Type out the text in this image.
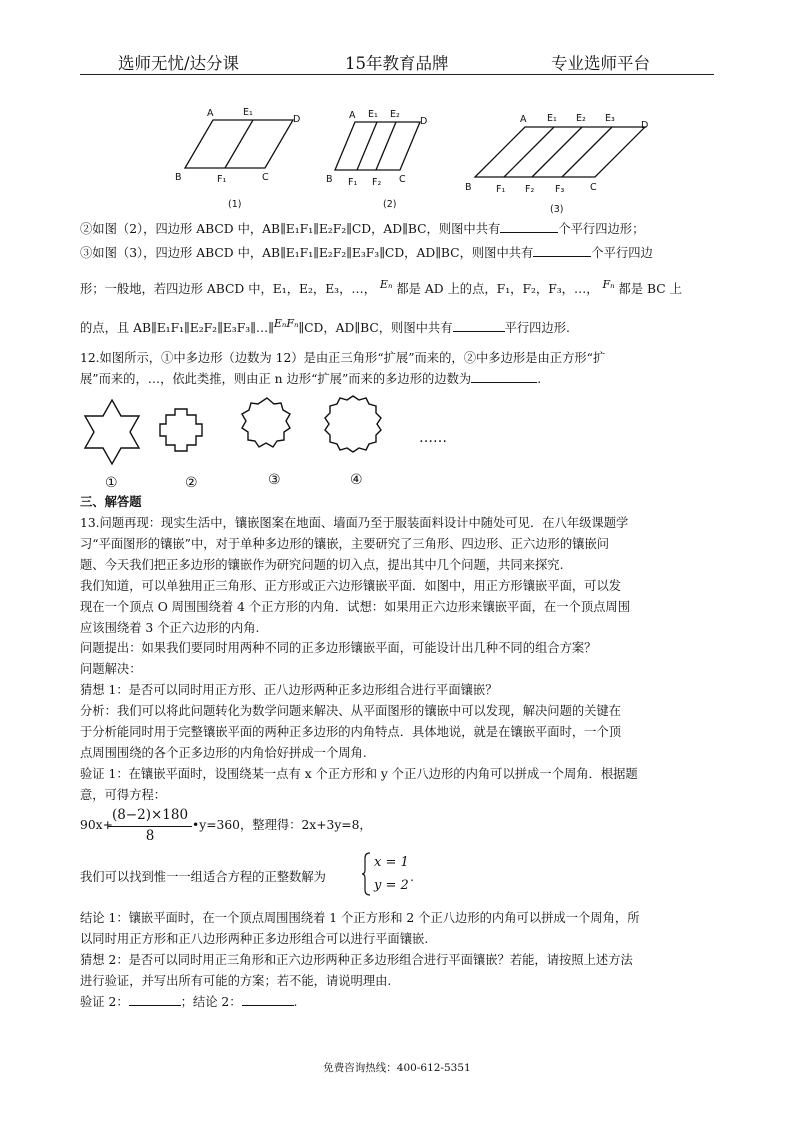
选师无忧/达分课	15年教育品牌	专业选师平台
A	E₁
D
B	F₁	C
(1)
A E₁ E₂
D
B F₁ F₂ C
(2)
A E₁ E₂ E₃
D
B	F₁ F₂ F₃	C
(3)
②如图（2），四边形 ABCD 中，AB∥E₁F₁∥E₂F₂∥CD，AD∥BC，则图中共有	个平行四边形；
③如图（3），四边形 ABCD 中，AB∥E₁F₁∥E₂F₂∥E₃F₃∥CD，AD∥BC，则图中共有	个平行四边
形；一般地，若四边形 ABCD 中，E₁，E₂，E₃，…， Eₙ 都是 AD 上的点，F₁，F₂，F₃，…， Fₙ 都是 BC 上
的点，且 AB∥E₁F₁∥E₂F₂∥E₃F₃∥…∥EₙFₙ∥CD，AD∥BC，则图中共有	平行四边形.
12.如图所示，①中多边形（边数为 12）是由正三角形“扩展”而来的，②中多边形是由正方形“扩
展”而来的，…，依此类推，则由正 n 边形“扩展”而来的多边形的边数为	.
……
①	②	③	④
三、解答题
13.问题再现：现实生活中，镶嵌图案在地面、墙面乃至于服装面料设计中随处可见．在八年级课题学
习“平面图形的镶嵌”中，对于单种多边形的镶嵌，主要研究了三角形、四边形、正六边形的镶嵌问
题、今天我们把正多边形的镶嵌作为研究问题的切入点，提出其中几个问题，共同来探究.
我们知道，可以单独用正三角形、正方形或正六边形镶嵌平面．如图中，用正方形镶嵌平面，可以发
现在一个顶点 O 周围围绕着 4 个正方形的内角．试想：如果用正六边形来镶嵌平面，在一个顶点周围
应该围绕着 3 个正六边形的内角.
问题提出：如果我们要同时用两种不同的正多边形镶嵌平面，可能设计出几种不同的组合方案？
问题解决：
猜想 1：是否可以同时用正方形、正八边形两种正多边形组合进行平面镶嵌？
分析：我们可以将此问题转化为数学问题来解决、从平面图形的镶嵌中可以发现，解决问题的关键在
于分析能同时用于完整镶嵌平面的两种正多边形的内角特点．具体地说，就是在镶嵌平面时，一个顶
点周围围绕的各个正多边形的内角恰好拼成一个周角.
验证 1：在镶嵌平面时，设围绕某一点有 x 个正方形和 y 个正八边形的内角可以拼成一个周角．根据题
意，可得方程：
90x+
$\frac{(8-2)\times 180}{8}$ •y=360，整理得：2x+3y=8，
我们可以找到惟一一组适合方程的正整数解为
x = 1
y = 2
.
结论 1：镶嵌平面时，在一个顶点周围围绕着 1 个正方形和 2 个正八边形的内角可以拼成一个周角，所
以同时用正方形和正八边形两种正多边形组合可以进行平面镶嵌.
猜想 2：是否可以同时用正三角形和正六边形两种正多边形组合进行平面镶嵌？若能，请按照上述方法
进行验证，并写出所有可能的方案；若不能，请说明理由.
验证 2：	；结论 2：	.
免费咨询热线：400-612-5351
